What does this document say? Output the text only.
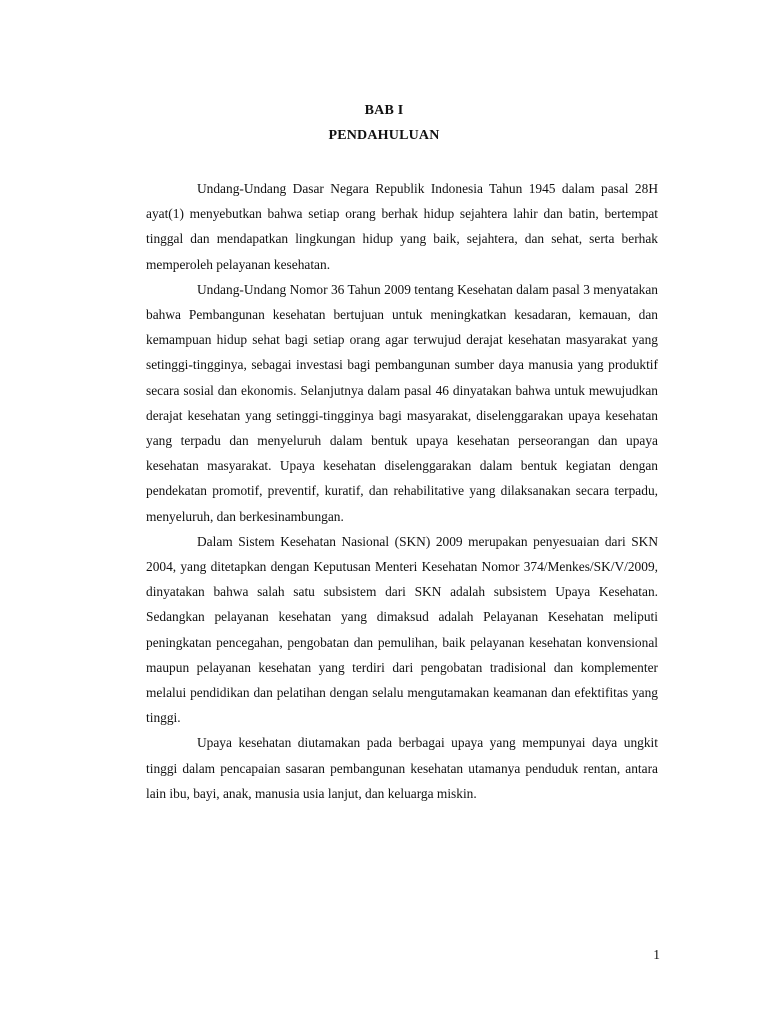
BAB I
PENDAHULUAN

Undang-Undang Dasar Negara Republik Indonesia Tahun 1945 dalam pasal 28H ayat(1) menyebutkan bahwa setiap orang berhak hidup sejahtera lahir dan batin, bertempat tinggal dan mendapatkan lingkungan hidup yang baik, sejahtera, dan sehat, serta berhak memperoleh pelayanan kesehatan.

Undang-Undang Nomor 36 Tahun 2009 tentang Kesehatan dalam pasal 3 menyatakan bahwa Pembangunan kesehatan bertujuan untuk meningkatkan kesadaran, kemauan, dan kemampuan hidup sehat bagi setiap orang agar terwujud derajat kesehatan masyarakat yang setinggi-tingginya, sebagai investasi bagi pembangunan sumber daya manusia yang produktif secara sosial dan ekonomis. Selanjutnya dalam pasal 46 dinyatakan bahwa untuk mewujudkan derajat kesehatan yang setinggi-tingginya bagi masyarakat, diselenggarakan upaya kesehatan yang terpadu dan menyeluruh dalam bentuk upaya kesehatan perseorangan dan upaya kesehatan masyarakat. Upaya kesehatan diselenggarakan dalam bentuk kegiatan dengan pendekatan promotif, preventif, kuratif, dan rehabilitative yang dilaksanakan secara terpadu, menyeluruh, dan berkesinambungan.

Dalam Sistem Kesehatan Nasional (SKN) 2009 merupakan penyesuaian dari SKN 2004, yang ditetapkan dengan Keputusan Menteri Kesehatan Nomor 374/Menkes/SK/V/2009, dinyatakan bahwa salah satu subsistem dari SKN adalah subsistem Upaya Kesehatan. Sedangkan pelayanan kesehatan yang dimaksud adalah Pelayanan Kesehatan meliputi peningkatan pencegahan, pengobatan dan pemulihan, baik pelayanan kesehatan konvensional maupun pelayanan kesehatan yang terdiri dari pengobatan tradisional dan komplementer melalui pendidikan dan pelatihan dengan selalu mengutamakan keamanan dan efektifitas yang tinggi.

Upaya kesehatan diutamakan pada berbagai upaya yang mempunyai daya ungkit tinggi dalam pencapaian sasaran pembangunan kesehatan utamanya penduduk rentan, antara lain ibu, bayi, anak, manusia usia lanjut, dan keluarga miskin.

1
